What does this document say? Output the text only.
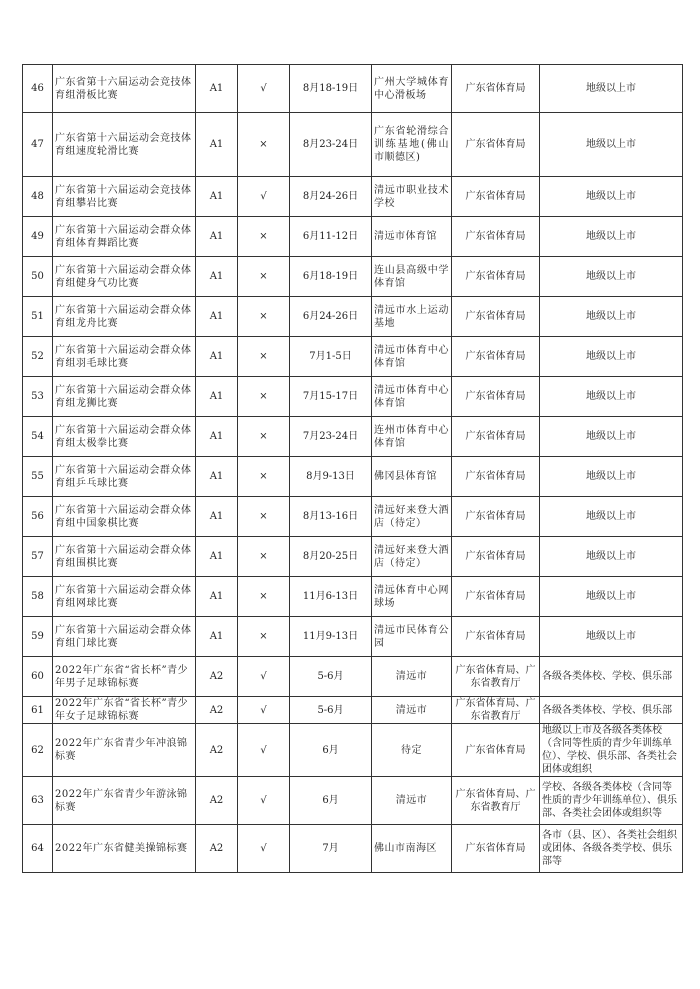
46	广东省第十六届运动会竞技体育组滑板比赛	A1	√	8月18-19日	广州大学城体育中心滑板场	广东省体育局	地级以上市
47	广东省第十六届运动会竞技体育组速度轮滑比赛	A1	×	8月23-24日	广东省轮滑综合训练基地(佛山市顺德区)	广东省体育局	地级以上市
48	广东省第十六届运动会竞技体育组攀岩比赛	A1	√	8月24-26日	清远市职业技术学校	广东省体育局	地级以上市
49	广东省第十六届运动会群众体育组体育舞蹈比赛	A1	×	6月11-12日	清远市体育馆	广东省体育局	地级以上市
50	广东省第十六届运动会群众体育组健身气功比赛	A1	×	6月18-19日	连山县高级中学体育馆	广东省体育局	地级以上市
51	广东省第十六届运动会群众体育组龙舟比赛	A1	×	6月24-26日	清远市水上运动基地	广东省体育局	地级以上市
52	广东省第十六届运动会群众体育组羽毛球比赛	A1	×	7月1-5日	清远市体育中心体育馆	广东省体育局	地级以上市
53	广东省第十六届运动会群众体育组龙狮比赛	A1	×	7月15-17日	清远市体育中心体育馆	广东省体育局	地级以上市
54	广东省第十六届运动会群众体育组太极拳比赛	A1	×	7月23-24日	连州市体育中心体育馆	广东省体育局	地级以上市
55	广东省第十六届运动会群众体育组乒乓球比赛	A1	×	8月9-13日	佛冈县体育馆	广东省体育局	地级以上市
56	广东省第十六届运动会群众体育组中国象棋比赛	A1	×	8月13-16日	清远好来登大酒店（待定）	广东省体育局	地级以上市
57	广东省第十六届运动会群众体育组围棋比赛	A1	×	8月20-25日	清远好来登大酒店（待定）	广东省体育局	地级以上市
58	广东省第十六届运动会群众体育组网球比赛	A1	×	11月6-13日	清远体育中心网球场	广东省体育局	地级以上市
59	广东省第十六届运动会群众体育组门球比赛	A1	×	11月9-13日	清远市民体育公园	广东省体育局	地级以上市
60	2022年广东省“省长杯”青少年男子足球锦标赛	A2	√	5-6月	清远市	广东省体育局、广东省教育厅	各级各类体校、学校、俱乐部
61	2022年广东省“省长杯”青少年女子足球锦标赛	A2	√	5-6月	清远市	广东省体育局、广东省教育厅	各级各类体校、学校、俱乐部
62	2022年广东省青少年冲浪锦标赛	A2	√	6月	待定	广东省体育局	地级以上市及各级各类体校（含同等性质的青少年训练单位）、学校、俱乐部、各类社会团体或组织
63	2022年广东省青少年游泳锦标赛	A2	√	6月	清远市	广东省体育局、广东省教育厅	学校、各级各类体校（含同等性质的青少年训练单位）、俱乐部、各类社会团体或组织等
64	2022年广东省健美操锦标赛	A2	√	7月	佛山市南海区	广东省体育局	各市（县、区）、各类社会组织或团体、各级各类学校、俱乐部等
